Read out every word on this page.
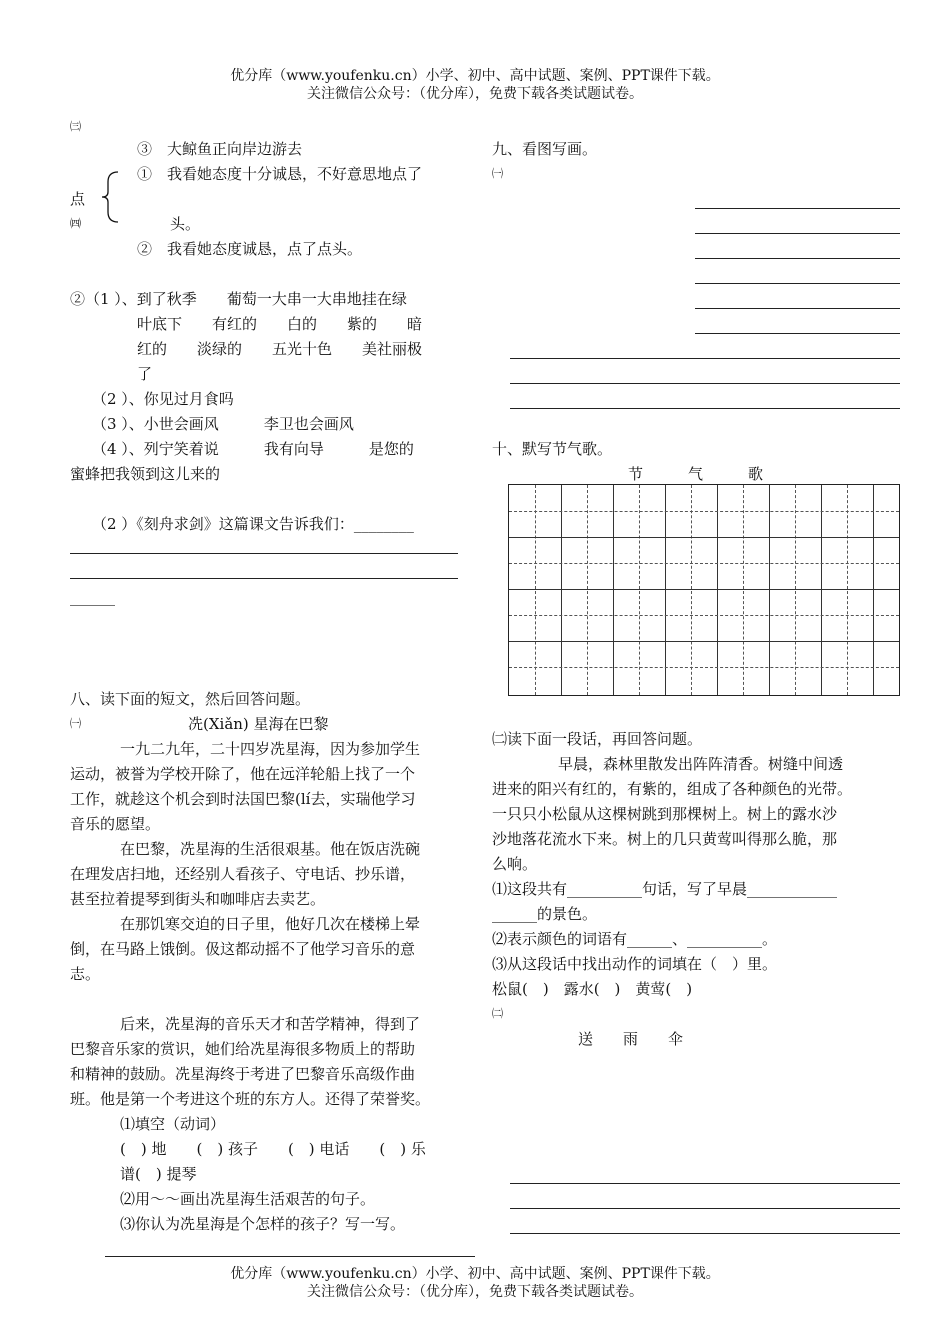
优分库（www.youfenku.cn）小学、初中、高中试题、案例、PPT课件下载。
关注微信公众号：（优分库），免费下载各类试题试卷。
㈢
③　大鲸鱼正向岸边游去
点
㈣
①　我看她态度十分诚恳，不好意思地点了
头。
②　我看她态度诚恳，点了点头。
②（1 ）、到了秋季　　葡萄一大串一大串地挂在绿
叶底下　　有红的　　白的　　紫的　　暗
红的　　淡绿的　　五光十色　　美社丽极
了
（2 ）、你见过月食吗
（3 ）、小世会画风　　　李卫也会画风
（4 ）、列宁笑着说　　　我有向导　　　是您的
蜜蜂把我领到这儿来的
（2 ）《刻舟求剑》这篇课文告诉我们：________
______
八、读下面的短文，然后回答问题。
㈠	冼(Xiǎn) 星海在巴黎
一九二九年，二十四岁冼星海，因为参加学生
运动，被誉为学校开除了，他在远洋轮船上找了一个
工作，就趁这个机会到时法国巴黎(lí去，实瑞他学习
音乐的愿望。
在巴黎，冼星海的生活很艰基。他在饭店洗碗
在理发店扫地，还经别人看孩子、守电话、抄乐谱，
甚至拉着提琴到街头和咖啡店去卖艺。
在那饥寒交迫的日子里，他好几次在楼梯上晕
倒，在马路上饿倒。伋这都动摇不了他学习音乐的意
志。
后来，冼星海的音乐天才和苦学精神，得到了
巴黎音乐家的赏识，她们给冼星海很多物质上的帮助
和精神的鼓励。冼星海终于考进了巴黎音乐高级作曲
班。他是第一个考进这个班的东方人。还得了荣誉奖。
⑴填空（动词）
(　) 地　　(　) 孩子　　(　) 电话　　(　) 乐
谱(　) 提琴
⑵用～～画出冼星海生活艰苦的句子。
⑶你认为冼星海是个怎样的孩子？写一写。
九、看图写画。
㈠
十、默写节气歌。
节　　　气　　　歌
㈡读下面一段话，再回答问题。
早晨，森林里散发出阵阵清香。树缝中间透
进来的阳兴有红的，有紫的，组成了各种颜色的光带。
一只只小松鼠从这棵树跳到那棵树上。树上的露水沙
沙地落花流水下来。树上的几只黄莺叫得那么脆，那
么响。
⑴这段共有__________句话，写了早晨____________
______的景色。
⑵表示颜色的词语有______、__________。
⑶从这段话中找出动作的词填在（　）里。
松鼠(　)　露水(　)　黄莺(　)
㈡
送　　雨　　伞
优分库（www.youfenku.cn）小学、初中、高中试题、案例、PPT课件下载。
关注微信公众号：（优分库），免费下载各类试题试卷。
